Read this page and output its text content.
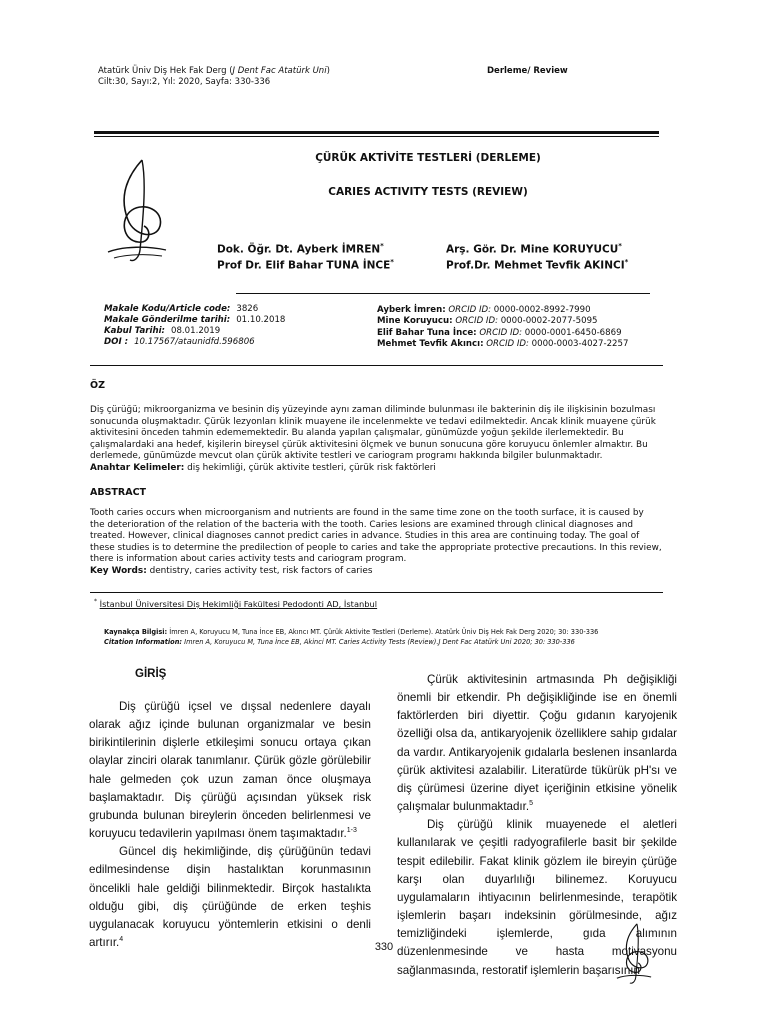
Atatürk Üniv Diş Hek Fak Derg (J Dent Fac Atatürk Uni)
Cilt:30, Sayı:2, Yıl: 2020, Sayfa: 330-336
Derleme/ Review
ÇÜRÜK AKTİVİTE TESTLERİ (DERLEME)
CARIES ACTIVITY TESTS (REVIEW)
Dok. Öğr. Dt. Ayberk İMREN*
Prof Dr. Elif Bahar TUNA İNCE*
Arş. Gör. Dr. Mine KORUYUCU*
Prof.Dr. Mehmet Tevfik AKINCI*
Makale Kodu/Article code: 3826
Makale Gönderilme tarihi: 01.10.2018
Kabul Tarihi: 08.01.2019
DOI : 10.17567/ataunidfd.596806
Ayberk İmren: ORCID ID: 0000-0002-8992-7990
Mine Koruyucu: ORCID ID: 0000-0002-2077-5095
Elif Bahar Tuna İnce: ORCID ID: 0000-0001-6450-6869
Mehmet Tevfik Akıncı: ORCID ID: 0000-0003-4027-2257
ÖZ
Diş çürüğü; mikroorganizma ve besinin diş yüzeyinde aynı zaman diliminde bulunması ile bakterinin diş ile ilişkisinin bozulması
sonucunda oluşmaktadır. Çürük lezyonları klinik muayene ile incelenmekte ve tedavi edilmektedir. Ancak klinik muayene çürük
aktivitesini önceden tahmin edememektedir. Bu alanda yapılan çalışmalar, günümüzde yoğun şekilde ilerlemektedir. Bu
çalışmalardaki ana hedef, kişilerin bireysel çürük aktivitesini ölçmek ve bunun sonucuna göre koruyucu önlemler almaktır. Bu
derlemede, günümüzde mevcut olan çürük aktivite testleri ve cariogram programı hakkında bilgiler bulunmaktadır.
Anahtar Kelimeler: diş hekimliği, çürük aktivite testleri, çürük risk faktörleri
ABSTRACT
Tooth caries occurs when microorganism and nutrients are found in the same time zone on the tooth surface, it is caused by
the deterioration of the relation of the bacteria with the tooth. Caries lesions are examined through clinical diagnoses and
treated. However, clinical diagnoses cannot predict caries in advance. Studies in this area are continuing today. The goal of
these studies is to determine the predilection of people to caries and take the appropriate protective precautions. In this review,
there is information about caries activity tests and cariogram program.
Key Words: dentistry, caries activity test, risk factors of caries
* İstanbul Üniversitesi Diş Hekimliği Fakültesi Pedodonti AD, İstanbul
Kaynakça Bilgisi: İmren A, Koruyucu M, Tuna İnce EB, Akıncı MT. Çürük Aktivite Testleri (Derleme). Atatürk Üniv Diş Hek Fak Derg 2020; 30: 330-336
Citation Information: Imren A, Koruyucu M, Tuna İnce EB, Akinci MT. Caries Activity Tests (Review).J Dent Fac Atatürk Uni 2020; 30: 330-336
GİRİŞ

Diş çürüğü içsel ve dışsal nedenlere dayalı olarak ağız içinde bulunan organizmalar ve besin birikintilerinin dişlerle etkileşimi sonucu ortaya çıkan olaylar zinciri olarak tanımlanır. Çürük gözle görülebilir hale gelmeden çok uzun zaman önce oluşmaya başlamaktadır. Diş çürüğü açısından yüksek risk grubunda bulunan bireylerin önceden belirlenmesi ve koruyucu tedavilerin yapılması önem taşımaktadır.$^{1-3}$

Güncel diş hekimliğinde, diş çürüğünün tedavi edilmesindense dişin hastalıktan korunmasının öncelikli hale geldiği bilinmektedir. Birçok hastalıkta olduğu gibi, diş çürüğünde de erken teşhis uygulanacak koruyucu yöntemlerin etkisini o denli artırır.$^4$

Çürük aktivitesinin artmasında Ph değişikliği önemli bir etkendir. Ph değişikliğinde ise en önemli faktörlerden biri diyettir. Çoğu gıdanın karyojenik özelliği olsa da, antikaryojenik özelliklere sahip gıdalar da vardır. Antikaryojenik gıdalarla beslenen insanlarda çürük aktivitesi azalabilir. Literatürde tükürük pH'sı ve diş çürümesi üzerine diyet içeriğinin etkisine yönelik çalışmalar bulunmaktadır.$^5$

Diş çürüğü klinik muayenede el aletleri kullanılarak ve çeşitli radyografilerle basit bir şekilde tespit edilebilir. Fakat klinik gözlem ile bireyin çürüğe karşı olan duyarlılığı bilinemez. Koruyucu uygulamaların ihtiyacının belirlenmesinde, terapötik işlemlerin başarı indeksinin görülmesinde, ağız temizliğindeki işlemlerde, gıda alımının düzenlenmesinde ve hasta motivasyonu sağlanmasında, restoratif işlemlerin başarısının

330
